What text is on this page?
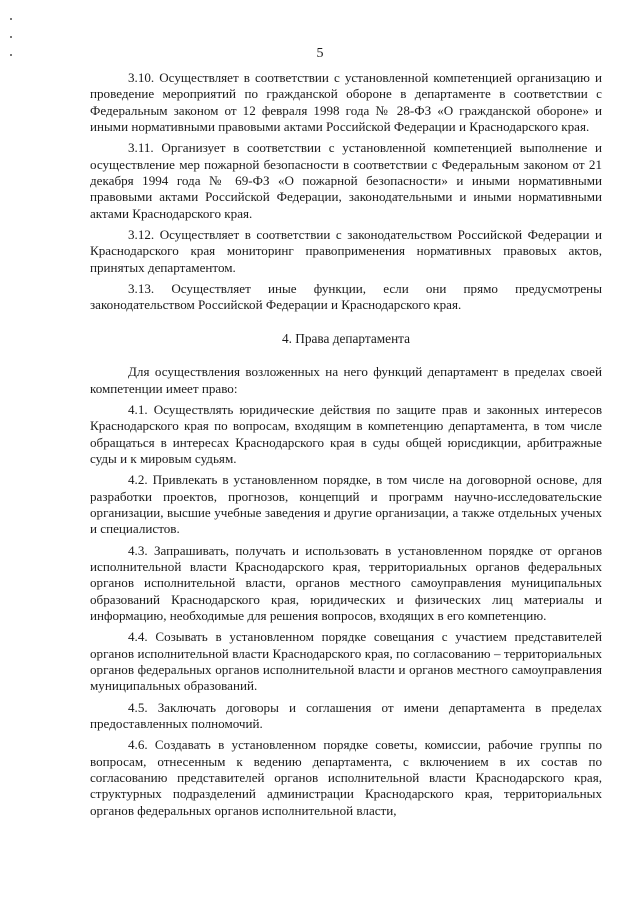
5

3.10. Осуществляет в соответствии с установленной компетенцией организацию и проведение мероприятий по гражданской обороне в департаменте в соответствии с Федеральным законом от 12 февраля 1998 года № 28-ФЗ «О гражданской обороне» и иными нормативными правовыми актами Российской Федерации и Краснодарского края.

3.11. Организует в соответствии с установленной компетенцией выполнение и осуществление мер пожарной безопасности в соответствии с Федеральным законом от 21 декабря 1994 года № 69-ФЗ «О пожарной безопасности» и иными нормативными правовыми актами Российской Федерации, законодательными и иными нормативными актами Краснодарского края.

3.12. Осуществляет в соответствии с законодательством Российской Федерации и Краснодарского края мониторинг правоприменения нормативных правовых актов, принятых департаментом.

3.13. Осуществляет иные функции, если они прямо предусмотрены законодательством Российской Федерации и Краснодарского края.

4. Права департамента

Для осуществления возложенных на него функций департамент в пределах своей компетенции имеет право:

4.1. Осуществлять юридические действия по защите прав и законных интересов Краснодарского края по вопросам, входящим в компетенцию департамента, в том числе обращаться в интересах Краснодарского края в суды общей юрисдикции, арбитражные суды и к мировым судьям.

4.2. Привлекать в установленном порядке, в том числе на договорной основе, для разработки проектов, прогнозов, концепций и программ научно-исследовательские организации, высшие учебные заведения и другие организации, а также отдельных ученых и специалистов.

4.3. Запрашивать, получать и использовать в установленном порядке от органов исполнительной власти Краснодарского края, территориальных органов федеральных органов исполнительной власти, органов местного самоуправления муниципальных образований Краснодарского края, юридических и физических лиц материалы и информацию, необходимые для решения вопросов, входящих в его компетенцию.

4.4. Созывать в установленном порядке совещания с участием представителей органов исполнительной власти Краснодарского края, по согласованию – территориальных органов федеральных органов исполнительной власти и органов местного самоуправления муниципальных образований.

4.5. Заключать договоры и соглашения от имени департамента в пределах предоставленных полномочий.

4.6. Создавать в установленном порядке советы, комиссии, рабочие группы по вопросам, отнесенным к ведению департамента, с включением в их состав по согласованию представителей органов исполнительной власти Краснодарского края, структурных подразделений администрации Краснодарского края, территориальных органов федеральных органов исполнительной власти,
